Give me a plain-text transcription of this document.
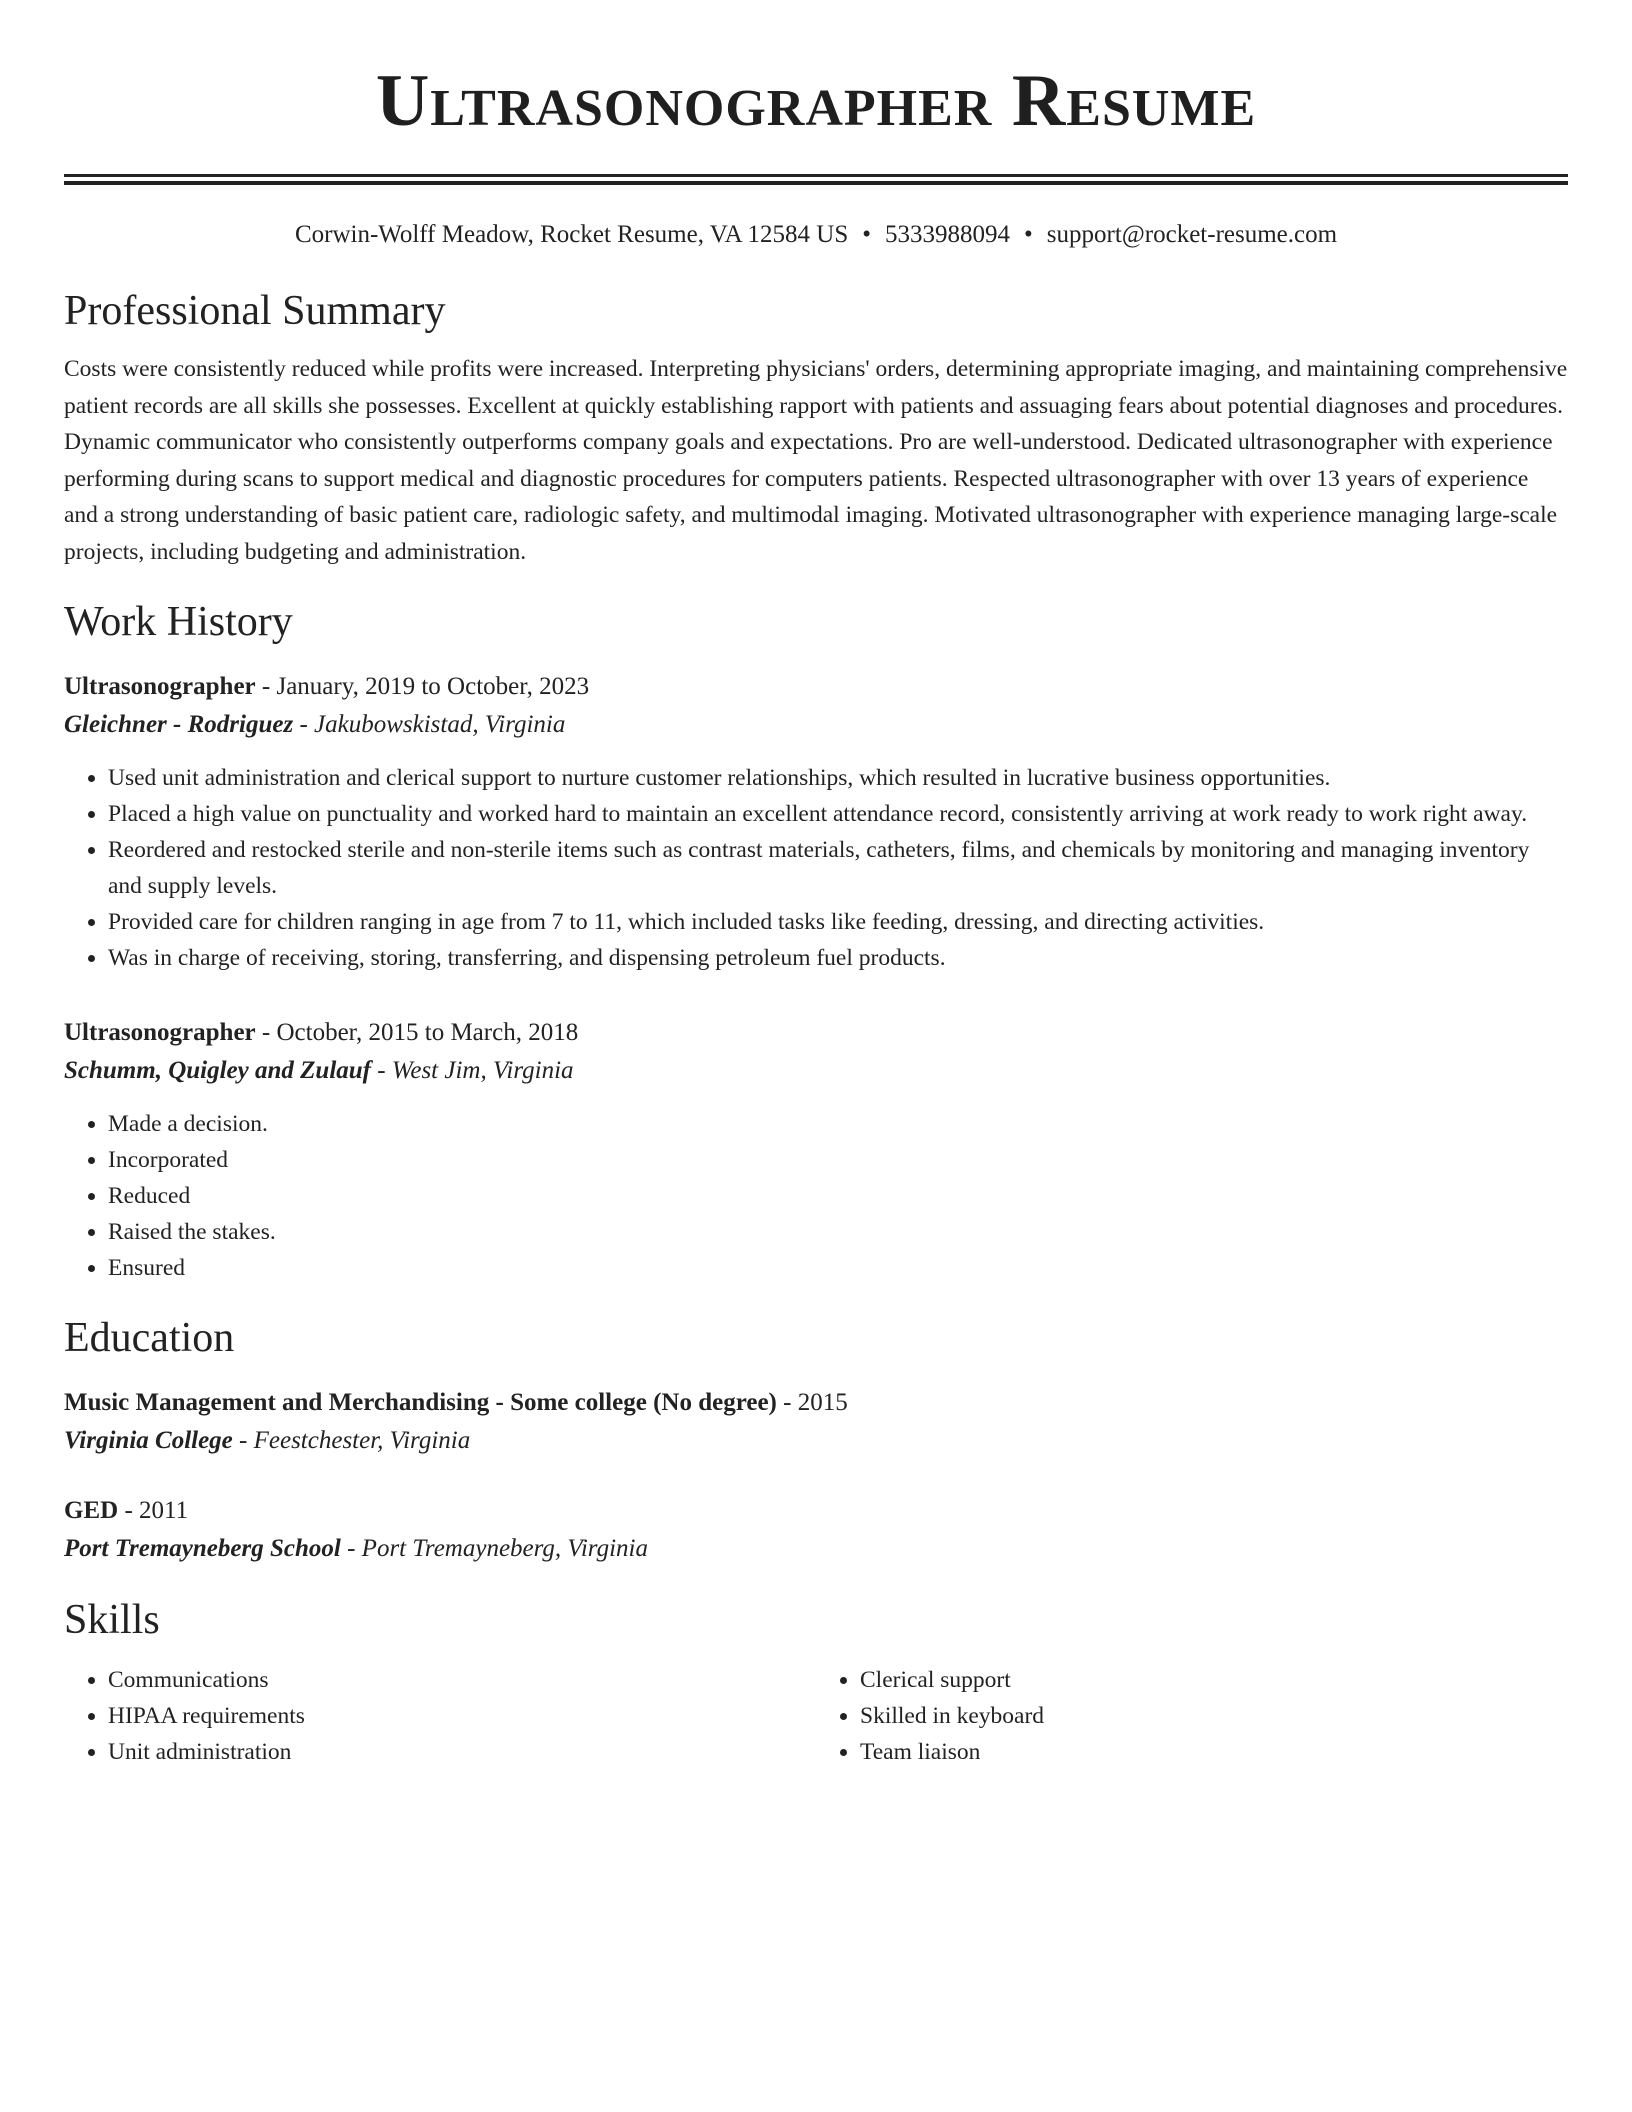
Ultrasonographer Resume
Corwin-Wolff Meadow, Rocket Resume, VA 12584 US • 5333988094 • support@rocket-resume.com
Professional Summary

Costs were consistently reduced while profits were increased. Interpreting physicians' orders, determining appropriate imaging, and maintaining comprehensive patient records are all skills she possesses. Excellent at quickly establishing rapport with patients and assuaging fears about potential diagnoses and procedures. Dynamic communicator who consistently outperforms company goals and expectations. Pro are well-understood. Dedicated ultrasonographer with experience performing during scans to support medical and diagnostic procedures for computers patients. Respected ultrasonographer with over 13 years of experience and a strong understanding of basic patient care, radiologic safety, and multimodal imaging. Motivated ultrasonographer with experience managing large-scale projects, including budgeting and administration.

Work History
Ultrasonographer - January, 2019 to October, 2023
Gleichner - Rodriguez - Jakubowskistad, Virginia
• Used unit administration and clerical support to nurture customer relationships, which resulted in lucrative business opportunities.
• Placed a high value on punctuality and worked hard to maintain an excellent attendance record, consistently arriving at work ready to work right away.
• Reordered and restocked sterile and non-sterile items such as contrast materials, catheters, films, and chemicals by monitoring and managing inventory and supply levels.
• Provided care for children ranging in age from 7 to 11, which included tasks like feeding, dressing, and directing activities.
• Was in charge of receiving, storing, transferring, and dispensing petroleum fuel products.
Ultrasonographer - October, 2015 to March, 2018
Schumm, Quigley and Zulauf - West Jim, Virginia
• Made a decision.
• Incorporated
• Reduced
• Raised the stakes.
• Ensured
Education
Music Management and Merchandising - Some college (No degree) - 2015
Virginia College - Feestchester, Virginia
GED - 2011
Port Tremayneberg School - Port Tremayneberg, Virginia
Skills
• Communications
• HIPAA requirements
• Unit administration
• Clerical support
• Skilled in keyboard
• Team liaison
